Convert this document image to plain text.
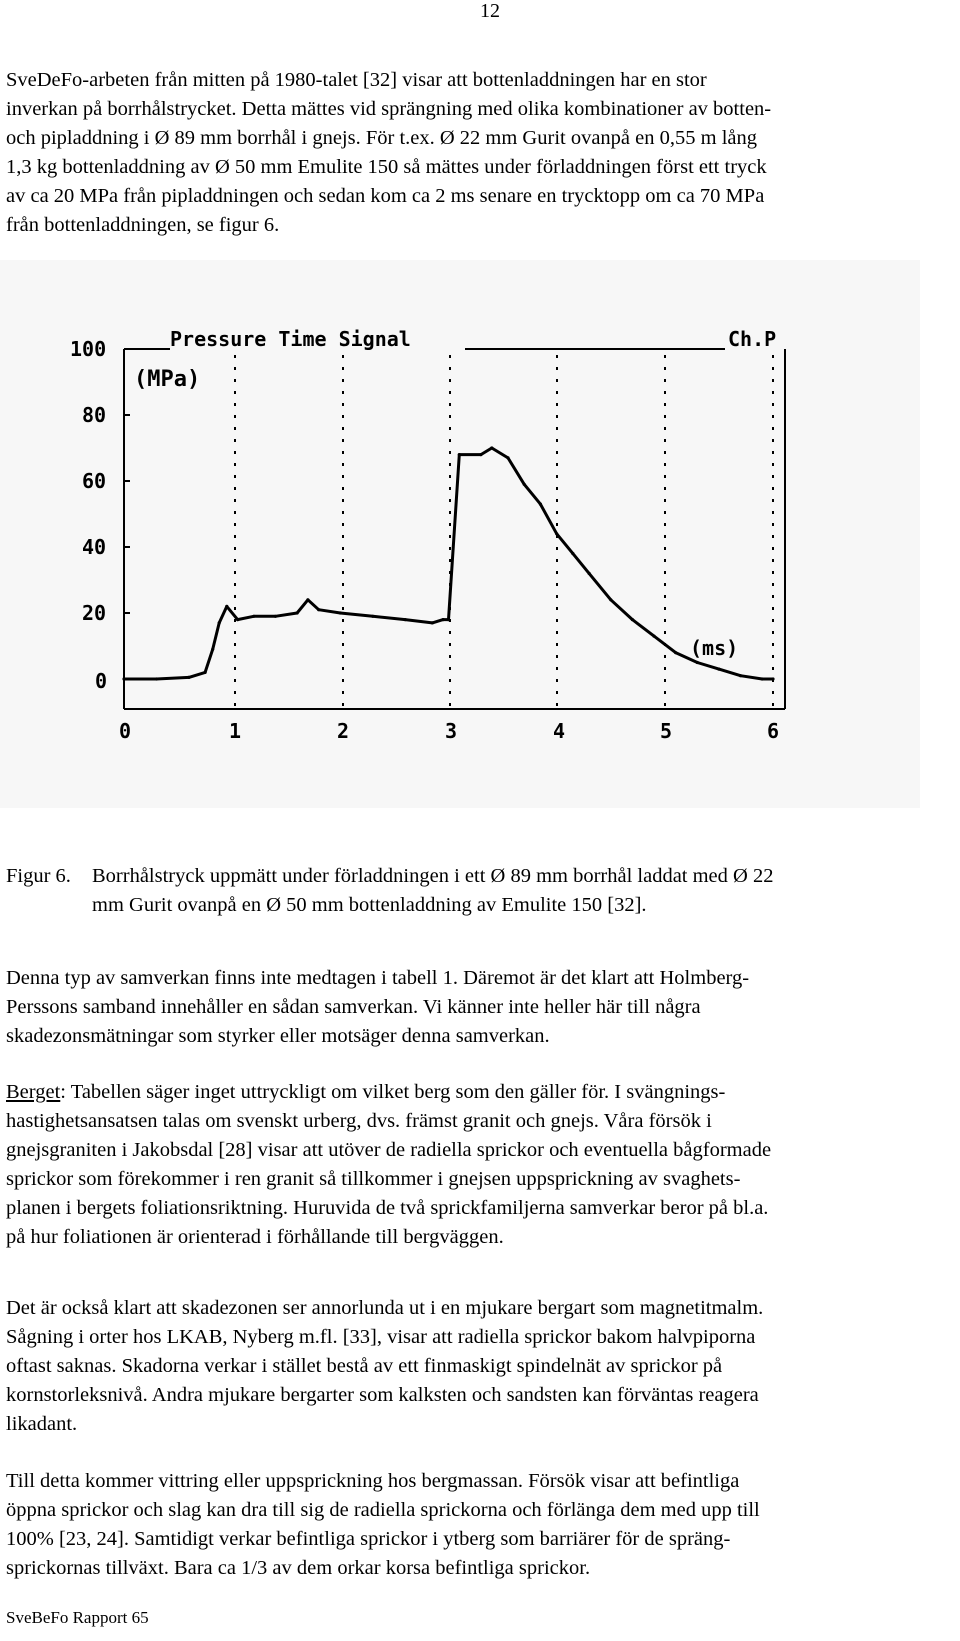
12
SveDeFo-arbeten från mitten på 1980-talet [32] visar att bottenladdningen har en stor
inverkan på borrhålstrycket. Detta mättes vid sprängning med olika kombinationer av botten-
och pipladdning i Ø 89 mm borrhål i gnejs. För t.ex. Ø 22 mm Gurit ovanpå en 0,55 m lång
1,3 kg bottenladdning av Ø 50 mm Emulite 150 så mättes under förladdningen först ett tryck
av ca 20 MPa från pipladdningen och sedan kom ca 2 ms senare en trycktopp om ca 70 MPa
från bottenladdningen, se figur 6.
Pressure Time Signal	Ch.P
(MPa)
(ms)
100
80
60
40
20
0
0	1	2	3	4	5	6
Figur 6. Borrhålstryck uppmätt under förladdningen i ett Ø 89 mm borrhål laddat med Ø 22
mm Gurit ovanpå en Ø 50 mm bottenladdning av Emulite 150 [32].
Denna typ av samverkan finns inte medtagen i tabell 1. Däremot är det klart att Holmberg-
Perssons samband innehåller en sådan samverkan. Vi känner inte heller här till några
skadezonsmätningar som styrker eller motsäger denna samverkan.
Berget: Tabellen säger inget uttryckligt om vilket berg som den gäller för. I svängnings-
hastighetsansatsen talas om svenskt urberg, dvs. främst granit och gnejs. Våra försök i
gnejsgraniten i Jakobsdal [28] visar att utöver de radiella sprickor och eventuella bågformade
sprickor som förekommer i ren granit så tillkommer i gnejsen uppsprickning av svaghets-
planen i bergets foliationsriktning. Huruvida de två sprickfamiljerna samverkar beror på bl.a.
på hur foliationen är orienterad i förhållande till bergväggen.
Det är också klart att skadezonen ser annorlunda ut i en mjukare bergart som magnetitmalm.
Sågning i orter hos LKAB, Nyberg m.fl. [33], visar att radiella sprickor bakom halvpiporna
oftast saknas. Skadorna verkar i stället bestå av ett finmaskigt spindelnät av sprickor på
kornstorleksnivå. Andra mjukare bergarter som kalksten och sandsten kan förväntas reagera
likadant.
Till detta kommer vittring eller uppsprickning hos bergmassan. Försök visar att befintliga
öppna sprickor och slag kan dra till sig de radiella sprickorna och förlänga dem med upp till
100% [23, 24]. Samtidigt verkar befintliga sprickor i ytberg som barriärer för de spräng-
sprickornas tillväxt. Bara ca 1/3 av dem orkar korsa befintliga sprickor.
SveBeFo Rapport 65
